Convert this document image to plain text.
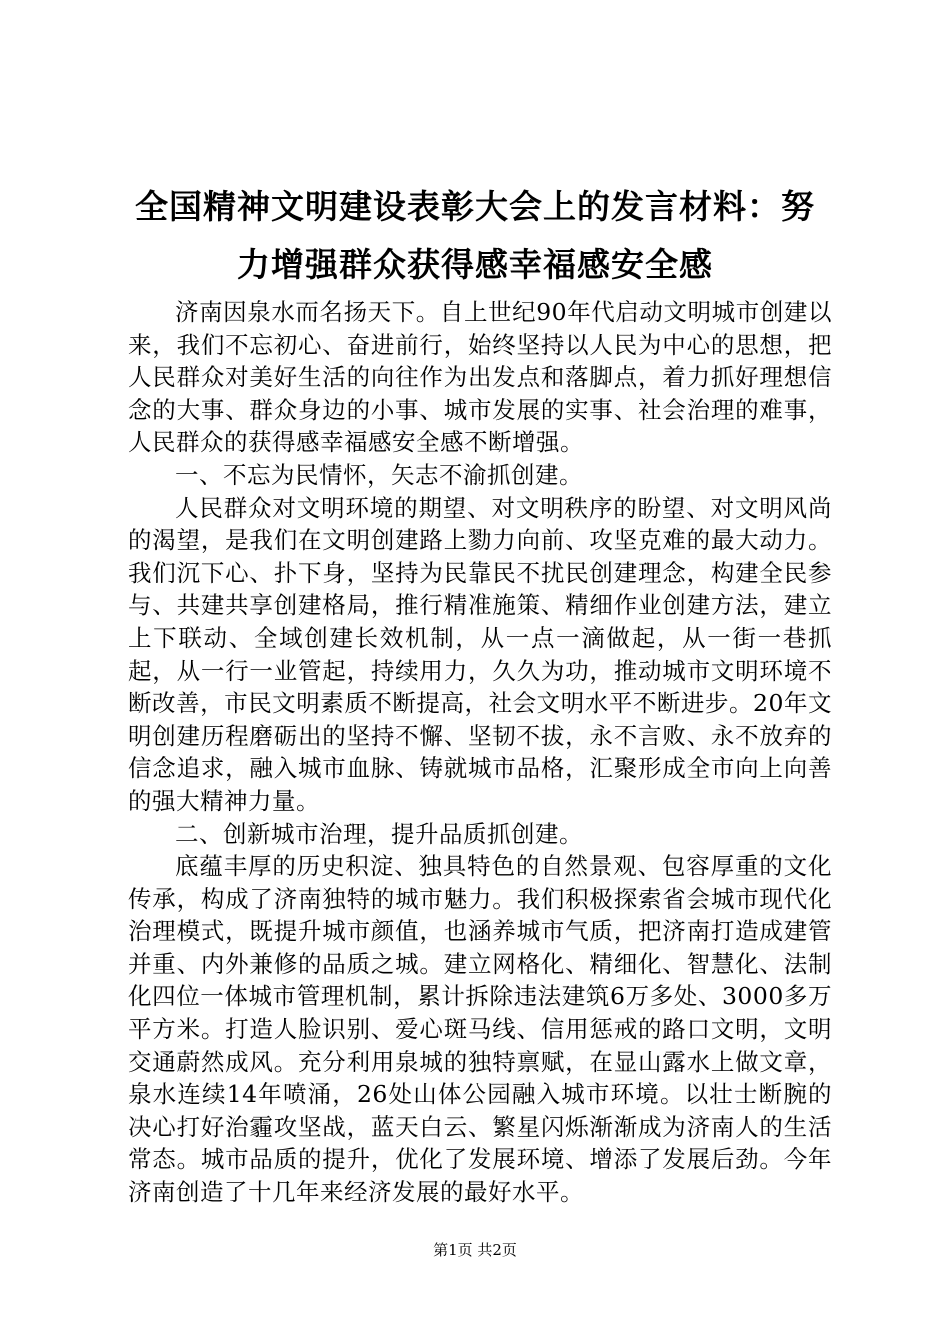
全国精神文明建设表彰大会上的发言材料：努
力增强群众获得感幸福感安全感

济南因泉水而名扬天下。自上世纪90年代启动文明城市创建以来，我们不忘初心、奋进前行，始终坚持以人民为中心的思想，把人民群众对美好生活的向往作为出发点和落脚点，着力抓好理想信念的大事、群众身边的小事、城市发展的实事、社会治理的难事，人民群众的获得感幸福感安全感不断增强。

一、不忘为民情怀，矢志不渝抓创建。

人民群众对文明环境的期望、对文明秩序的盼望、对文明风尚的渴望，是我们在文明创建路上勠力向前、攻坚克难的最大动力。我们沉下心、扑下身，坚持为民靠民不扰民创建理念，构建全民参与、共建共享创建格局，推行精准施策、精细作业创建方法，建立上下联动、全域创建长效机制，从一点一滴做起，从一街一巷抓起，从一行一业管起，持续用力，久久为功，推动城市文明环境不断改善，市民文明素质不断提高，社会文明水平不断进步。20年文明创建历程磨砺出的坚持不懈、坚韧不拔，永不言败、永不放弃的信念追求，融入城市血脉、铸就城市品格，汇聚形成全市向上向善的强大精神力量。

二、创新城市治理，提升品质抓创建。

底蕴丰厚的历史积淀、独具特色的自然景观、包容厚重的文化传承，构成了济南独特的城市魅力。我们积极探索省会城市现代化治理模式，既提升城市颜值，也涵养城市气质，把济南打造成建管并重、内外兼修的品质之城。建立网格化、精细化、智慧化、法制化四位一体城市管理机制，累计拆除违法建筑6万多处、3000多万平方米。打造人脸识别、爱心斑马线、信用惩戒的路口文明，文明交通蔚然成风。充分利用泉城的独特禀赋，在显山露水上做文章，泉水连续14年喷涌，26处山体公园融入城市环境。以壮士断腕的决心打好治霾攻坚战，蓝天白云、繁星闪烁渐渐成为济南人的生活常态。城市品质的提升，优化了发展环境、增添了发展后劲。今年济南创造了十几年来经济发展的最好水平。

第1页 共2页
